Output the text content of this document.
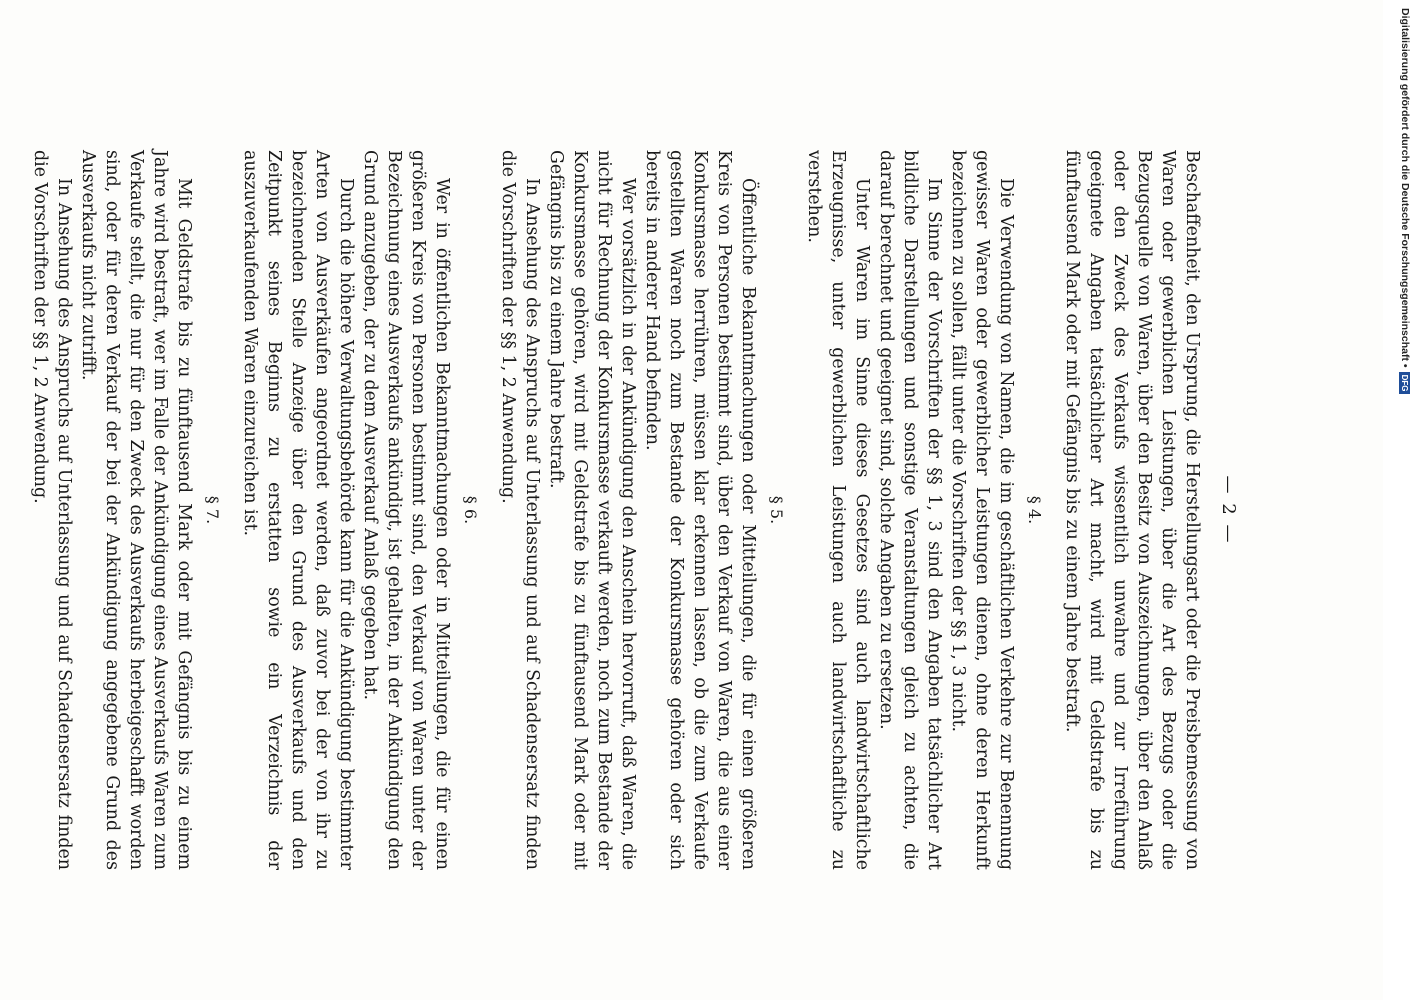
— 2 —

Beschaffenheit, den Ursprung, die Herstellungsart oder die Preisbemessung von Waren oder gewerblichen Leistungen, über die Art des Bezugs oder die Bezugsquelle von Waren, über den Besitz von Auszeichnungen, über den Anlaß oder den Zweck des Verkaufs wissentlich unwahre und zur Irreführung geeignete Angaben tatsächlicher Art macht, wird mit Geldstrafe bis zu fünftausend Mark oder mit Gefängnis bis zu einem Jahre bestraft.

§ 4.

Die Verwendung von Namen, die im geschäftlichen Verkehre zur Benennung gewisser Waren oder gewerblicher Leistungen dienen, ohne deren Herkunft bezeichnen zu sollen, fällt unter die Vorschriften der §§ 1, 3 nicht.

Im Sinne der Vorschriften der §§ 1, 3 sind den Angaben tatsächlicher Art bildliche Darstellungen und sonstige Veranstaltungen gleich zu achten, die darauf berechnet und geeignet sind, solche Angaben zu ersetzen.

Unter Waren im Sinne dieses Gesetzes sind auch landwirtschaftliche Erzeugnisse, unter gewerblichen Leistungen auch landwirtschaftliche zu verstehen.

§ 5.

Öffentliche Bekanntmachungen oder Mitteilungen, die für einen größeren Kreis von Personen bestimmt sind, über den Verkauf von Waren, die aus einer Konkursmasse herrühren, müssen klar erkennen lassen, ob die zum Verkaufe gestellten Waren noch zum Bestande der Konkursmasse gehören oder sich bereits in anderer Hand befinden.

Wer vorsätzlich in der Ankündigung den Anschein hervorruft, daß Waren, die nicht für Rechnung der Konkursmasse verkauft werden, noch zum Bestande der Konkursmasse gehören, wird mit Geldstrafe bis zu fünftausend Mark oder mit Gefängnis bis zu einem Jahre bestraft.

In Ansehung des Anspruchs auf Unterlassung und auf Schadensersatz finden die Vorschriften der §§ 1, 2 Anwendung.

§ 6.

Wer in öffentlichen Bekanntmachungen oder in Mitteilungen, die für einen größeren Kreis von Personen bestimmt sind, den Verkauf von Waren unter der Bezeichnung eines Ausverkaufs ankündigt, ist gehalten, in der Ankündigung den Grund anzugeben, der zu dem Ausverkauf Anlaß gegeben hat.

Durch die höhere Verwaltungsbehörde kann für die Ankündigung bestimmter Arten von Ausverkäufen angeordnet werden, daß zuvor bei der von ihr zu bezeichnenden Stelle Anzeige über den Grund des Ausverkaufs und den Zeitpunkt seines Beginns zu erstatten sowie ein Verzeichnis der auszuverkaufenden Waren einzureichen ist.

§ 7.

Mit Geldstrafe bis zu fünftausend Mark oder mit Gefängnis bis zu einem Jahre wird bestraft, wer im Falle der Ankündigung eines Ausverkaufs Waren zum Verkaufe stellt, die nur für den Zweck des Ausverkaufs herbeigeschafft worden sind, oder für deren Verkauf der bei der Ankündigung angegebene Grund des Ausverkaufs nicht zutrifft.

In Ansehung des Anspruchs auf Unterlassung und auf Schadensersatz finden die Vorschriften der §§ 1, 2 Anwendung.	Digitalisierung gefördert durch die Deutsche Forschungsgemeinschaft •
DFG
